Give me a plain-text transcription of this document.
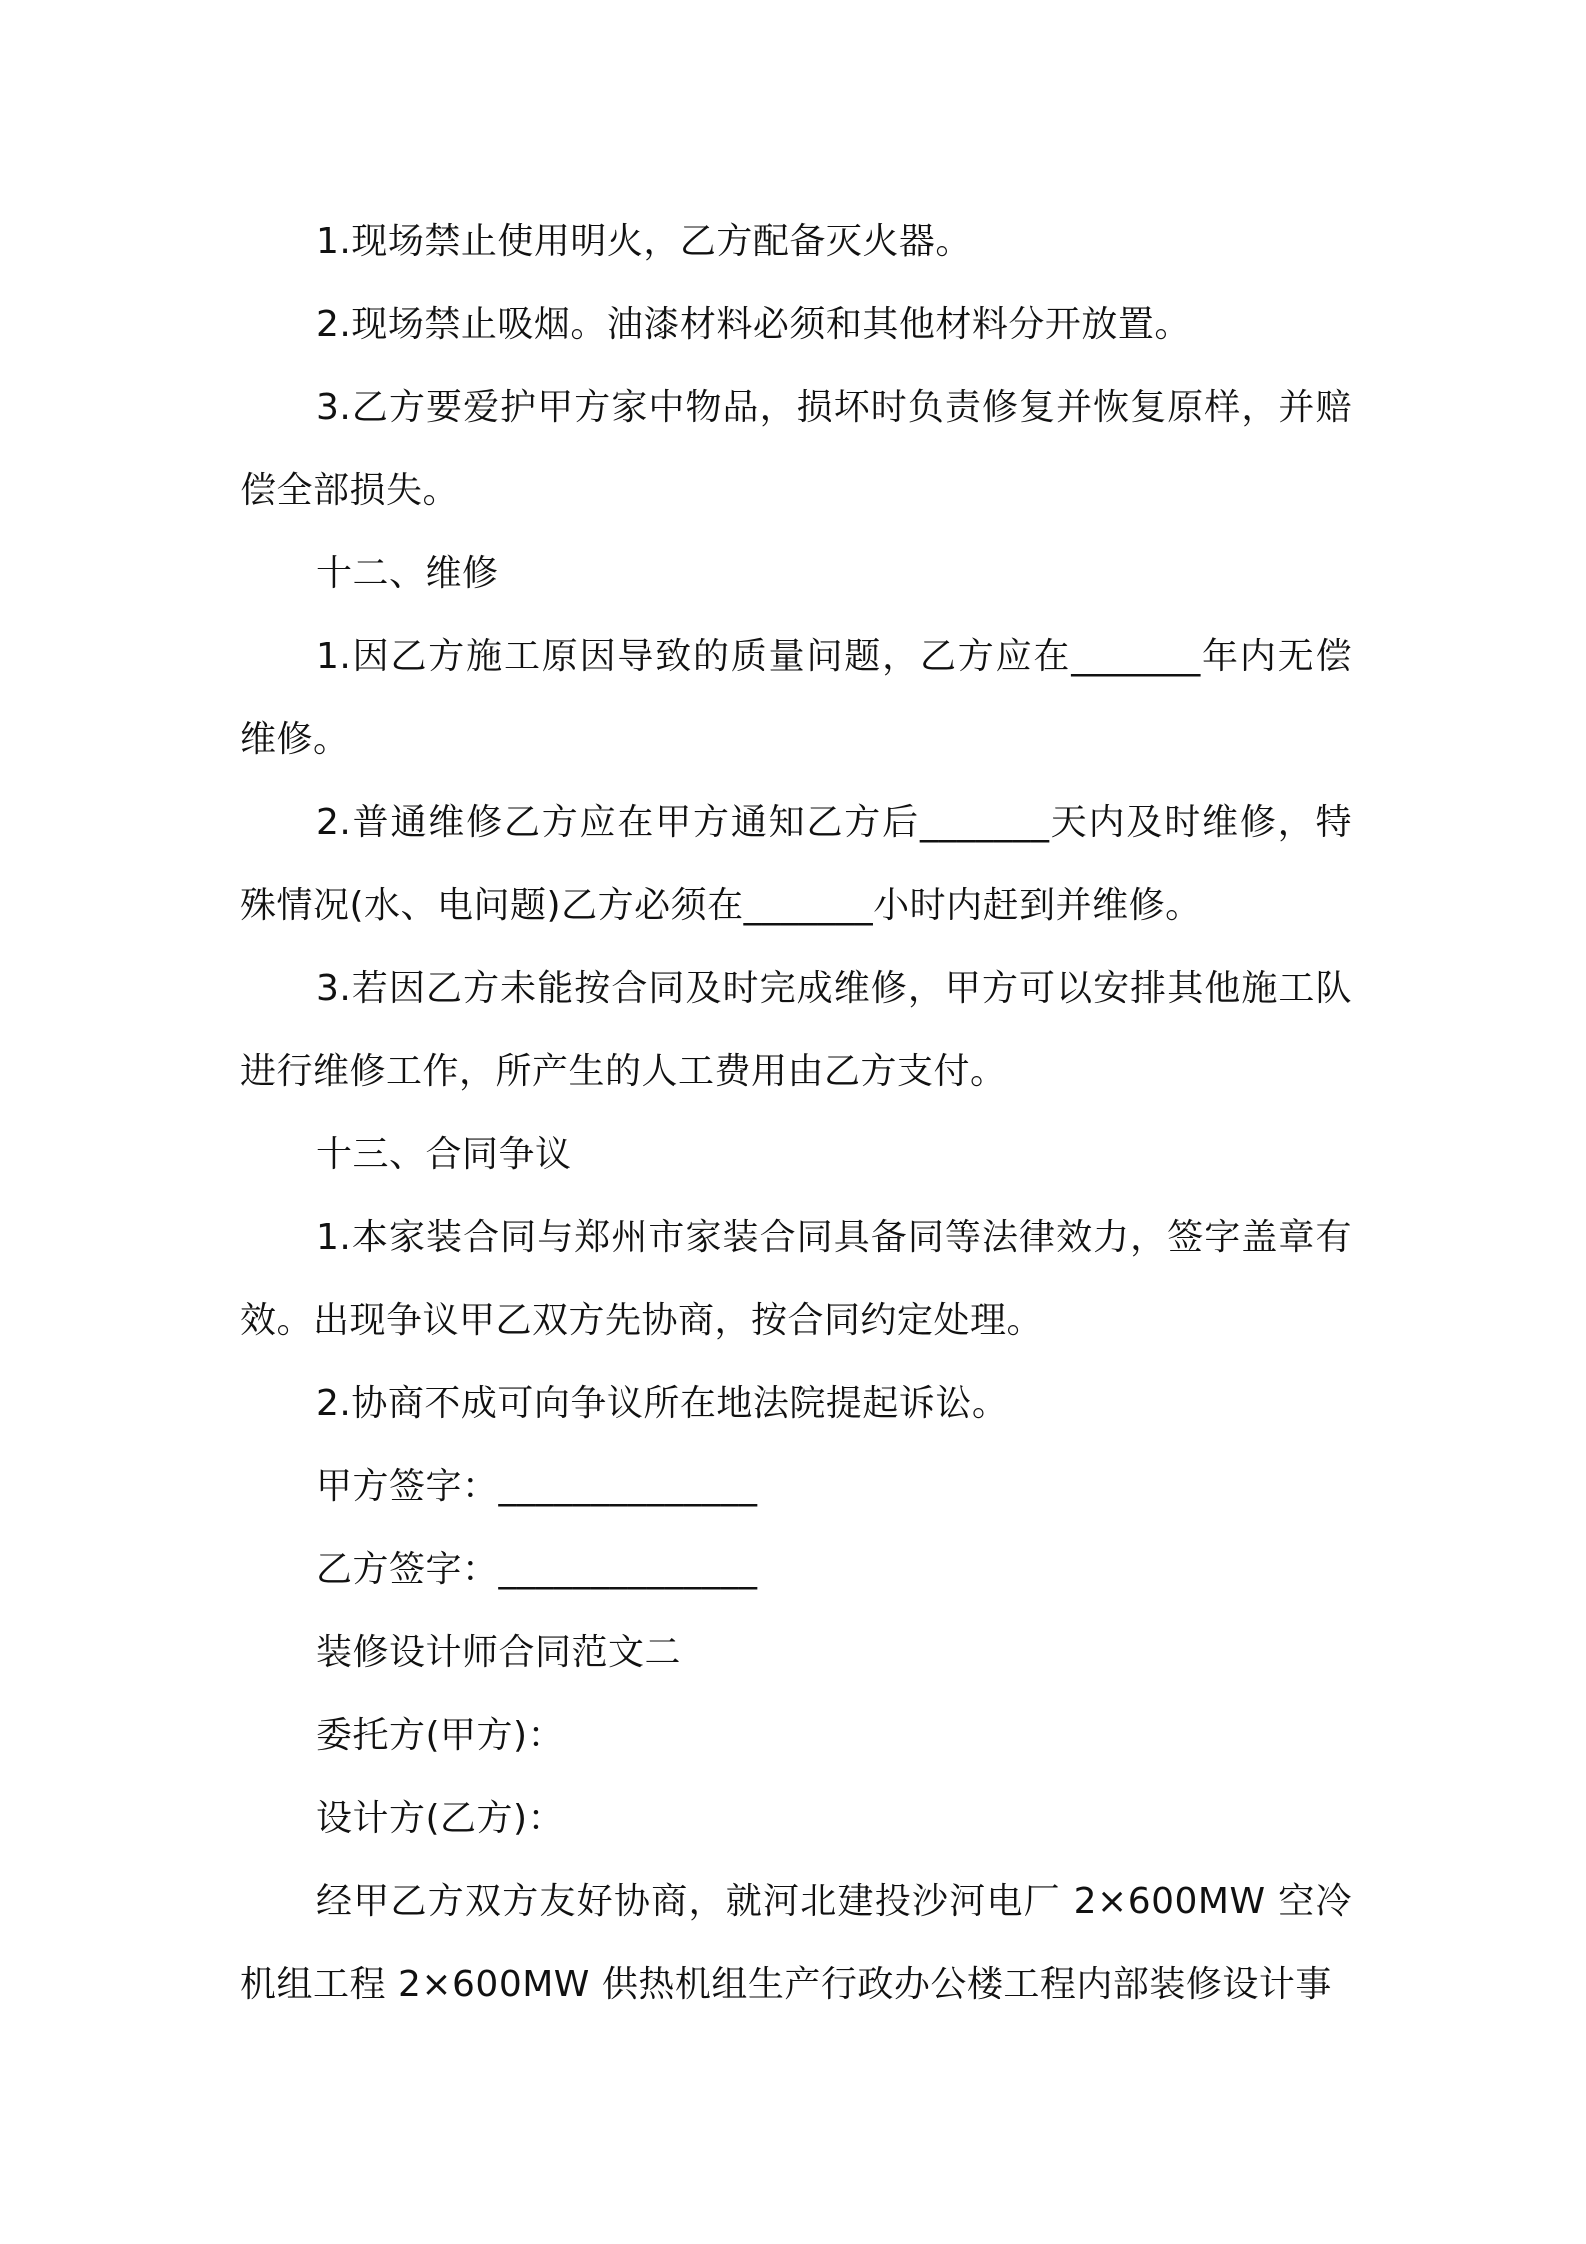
1.现场禁止使用明火，乙方配备灭火器。

2.现场禁止吸烟。油漆材料必须和其他材料分开放置。

3.乙方要爱护甲方家中物品，损坏时负责修复并恢复原样，并赔偿全部损失。

十二、维修

1.因乙方施工原因导致的质量问题，乙方应在_______年内无偿维修。

2.普通维修乙方应在甲方通知乙方后_______天内及时维修，特殊情况(水、电问题)乙方必须在_______小时内赶到并维修。

3.若因乙方未能按合同及时完成维修，甲方可以安排其他施工队进行维修工作，所产生的人工费用由乙方支付。

十三、合同争议

1.本家装合同与郑州市家装合同具备同等法律效力，签字盖章有效。出现争议甲乙双方先协商，按合同约定处理。

2.协商不成可向争议所在地法院提起诉讼。

甲方签字：______________

乙方签字：______________

装修设计师合同范文二

委托方(甲方)：

设计方(乙方)：

经甲乙方双方友好协商，就河北建投沙河电厂 2×600MW 空冷机组工程 2×600MW 供热机组生产行政办公楼工程内部装修设计事
